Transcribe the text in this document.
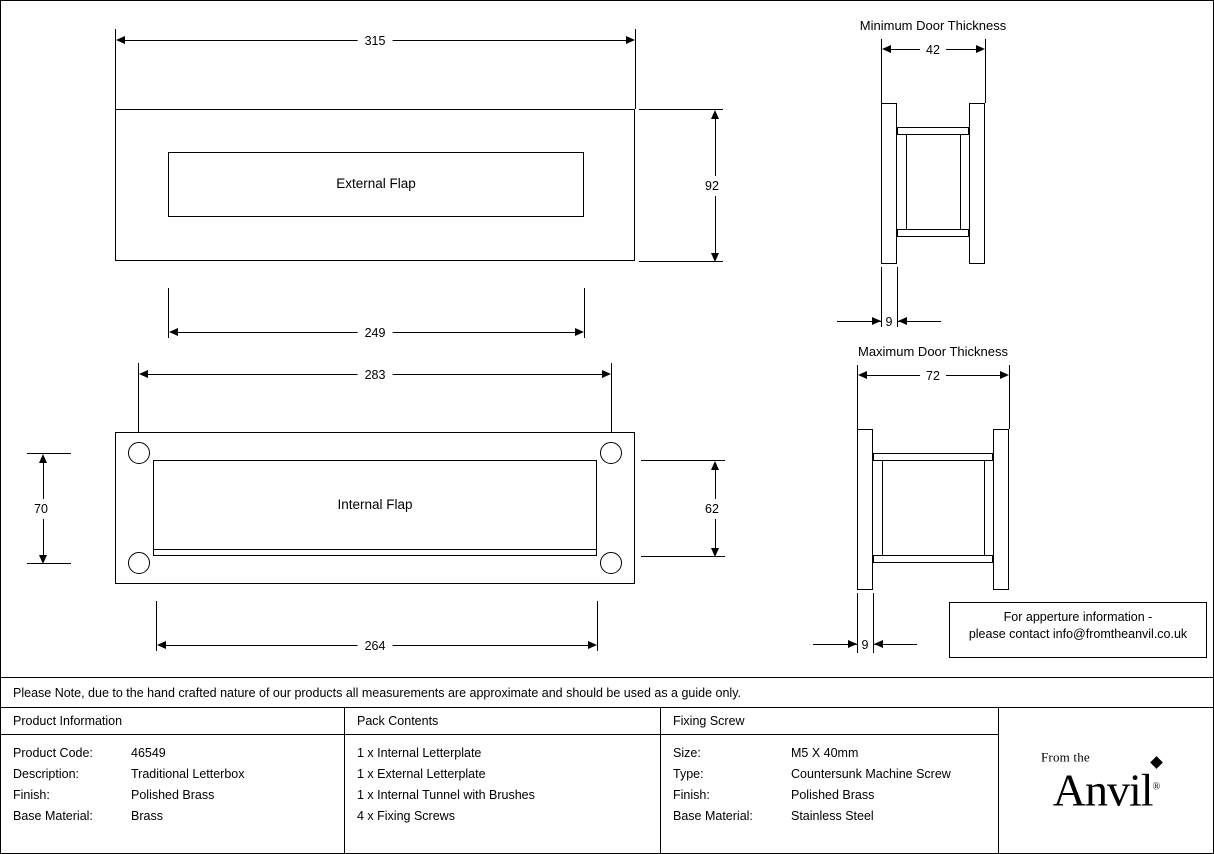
315
External Flap	92
249
283
Internal Flap
70	62
264
Minimum Door Thickness
42
9
Maximum Door Thickness
72
9
For apperture information -
please contact info@fromtheanvil.co.uk
Please Note, due to the hand crafted nature of our products all measurements are approximate and should be used as a guide only.
Product Information
Product Code:	46549
Description:	Traditional Letterbox
Finish:	Polished Brass
Base Material:	Brass
Pack Contents
1 x Internal Letterplate
1 x External Letterplate
1 x Internal Tunnel with Brushes
4 x Fixing Screws
Fixing Screw
Size:	M5 X 40mm
Type:	Countersunk Machine Screw
Finish:	Polished Brass
Base Material:	Stainless Steel
From the
Anvil®
